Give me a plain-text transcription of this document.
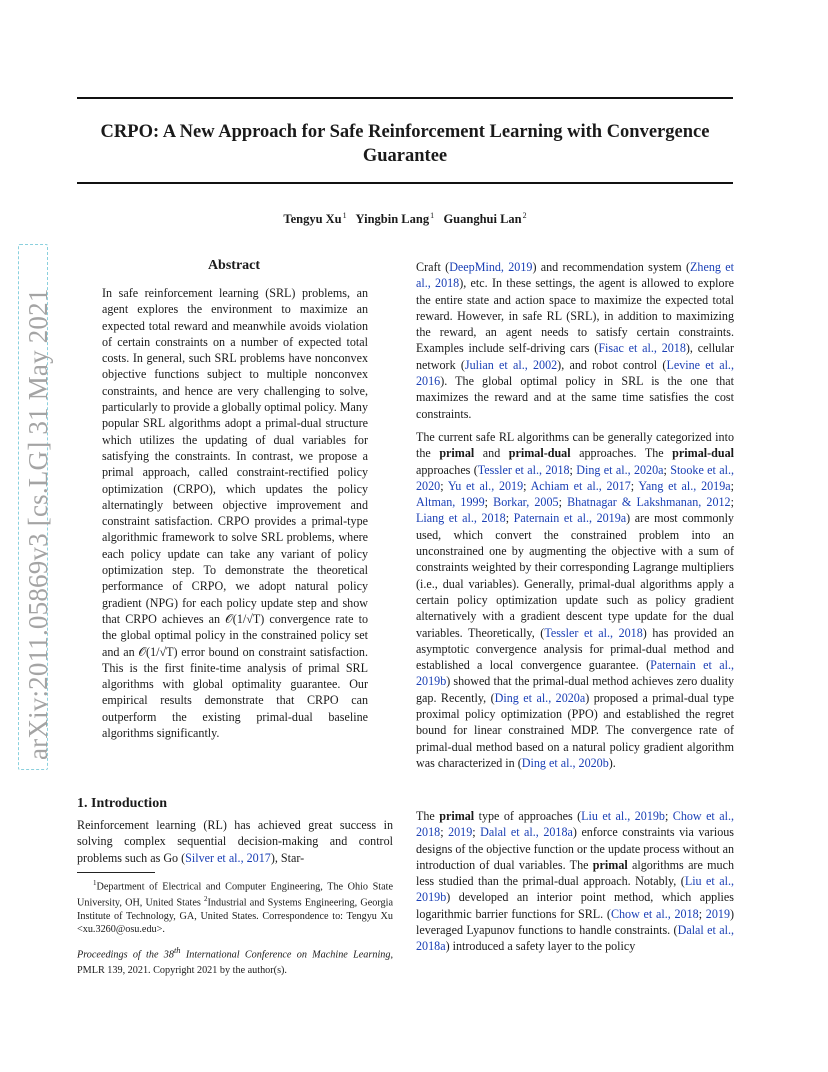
CRPO: A New Approach for Safe Reinforcement Learning with Convergence Guarantee
Tengyu Xu$^1$ Yingbin Lang$^1$ Guanghui Lan$^2$
arXiv:2011.05869v3 [cs.LG] 31 May 2021
Abstract
In safe reinforcement learning (SRL) problems, an agent explores the environment to maximize an expected total reward and meanwhile avoids violation of certain constraints on a number of expected total costs. In general, such SRL problems have nonconvex objective functions subject to multiple nonconvex constraints, and hence are very challenging to solve, particularly to provide a globally optimal policy. Many popular SRL algorithms adopt a primal-dual structure which utilizes the updating of dual variables for satisfying the constraints. In contrast, we propose a primal approach, called constraint-rectified policy optimization (CRPO), which updates the policy alternatingly between objective improvement and constraint satisfaction. CRPO provides a primal-type algorithmic framework to solve SRL problems, where each policy update can take any variant of policy optimization step. To demonstrate the theoretical performance of CRPO, we adopt natural policy gradient (NPG) for each policy update step and show that CRPO achieves an 𝒪(1/√T) convergence rate to the global optimal policy in the constrained policy set and an 𝒪(1/√T) error bound on constraint satisfaction. This is the first finite-time analysis of primal SRL algorithms with global optimality guarantee. Our empirical results demonstrate that CRPO can outperform the existing primal-dual baseline algorithms significantly.
1. Introduction
Reinforcement learning (RL) has achieved great success in solving complex sequential decision-making and control problems such as Go (Silver et al., 2017), Star-
$^1$Department of Electrical and Computer Engineering, The Ohio State University, OH, United States $^2$Industrial and Systems Engineering, Georgia Institute of Technology, GA, United States. Correspondence to: Tengyu Xu <xu.3260@osu.edu>.
Proceedings of the 38th International Conference on Machine Learning, PMLR 139, 2021. Copyright 2021 by the author(s).
Craft (DeepMind, 2019) and recommendation system (Zheng et al., 2018), etc. In these settings, the agent is allowed to explore the entire state and action space to maximize the expected total reward. However, in safe RL (SRL), in addition to maximizing the reward, an agent needs to satisfy certain constraints. Examples include self-driving cars (Fisac et al., 2018), cellular network (Julian et al., 2002), and robot control (Levine et al., 2016). The global optimal policy in SRL is the one that maximizes the reward and at the same time satisfies the cost constraints.
The current safe RL algorithms can be generally categorized into the primal and primal-dual approaches. The primal-dual approaches (Tessler et al., 2018; Ding et al., 2020a; Stooke et al., 2020; Yu et al., 2019; Achiam et al., 2017; Yang et al., 2019a; Altman, 1999; Borkar, 2005; Bhatnagar & Lakshmanan, 2012; Liang et al., 2018; Paternain et al., 2019a) are most commonly used, which convert the constrained problem into an unconstrained one by augmenting the objective with a sum of constraints weighted by their corresponding Lagrange multipliers (i.e., dual variables). Generally, primal-dual algorithms apply a certain policy optimization update such as policy gradient alternatively with a gradient descent type update for the dual variables. Theoretically, (Tessler et al., 2018) has provided an asymptotic convergence analysis for primal-dual method and established a local convergence guarantee. (Paternain et al., 2019b) showed that the primal-dual method achieves zero duality gap. Recently, (Ding et al., 2020a) proposed a primal-dual type proximal policy optimization (PPO) and established the regret bound for linear constrained MDP. The convergence rate of primal-dual method based on a natural policy gradient algorithm was characterized in (Ding et al., 2020b).
The primal type of approaches (Liu et al., 2019b; Chow et al., 2018; 2019; Dalal et al., 2018a) enforce constraints via various designs of the objective function or the update process without an introduction of dual variables. The primal algorithms are much less studied than the primal-dual approach. Notably, (Liu et al., 2019b) developed an interior point method, which applies logarithmic barrier functions for SRL. (Chow et al., 2018; 2019) leveraged Lyapunov functions to handle constraints. (Dalal et al., 2018a) introduced a safety layer to the policy
